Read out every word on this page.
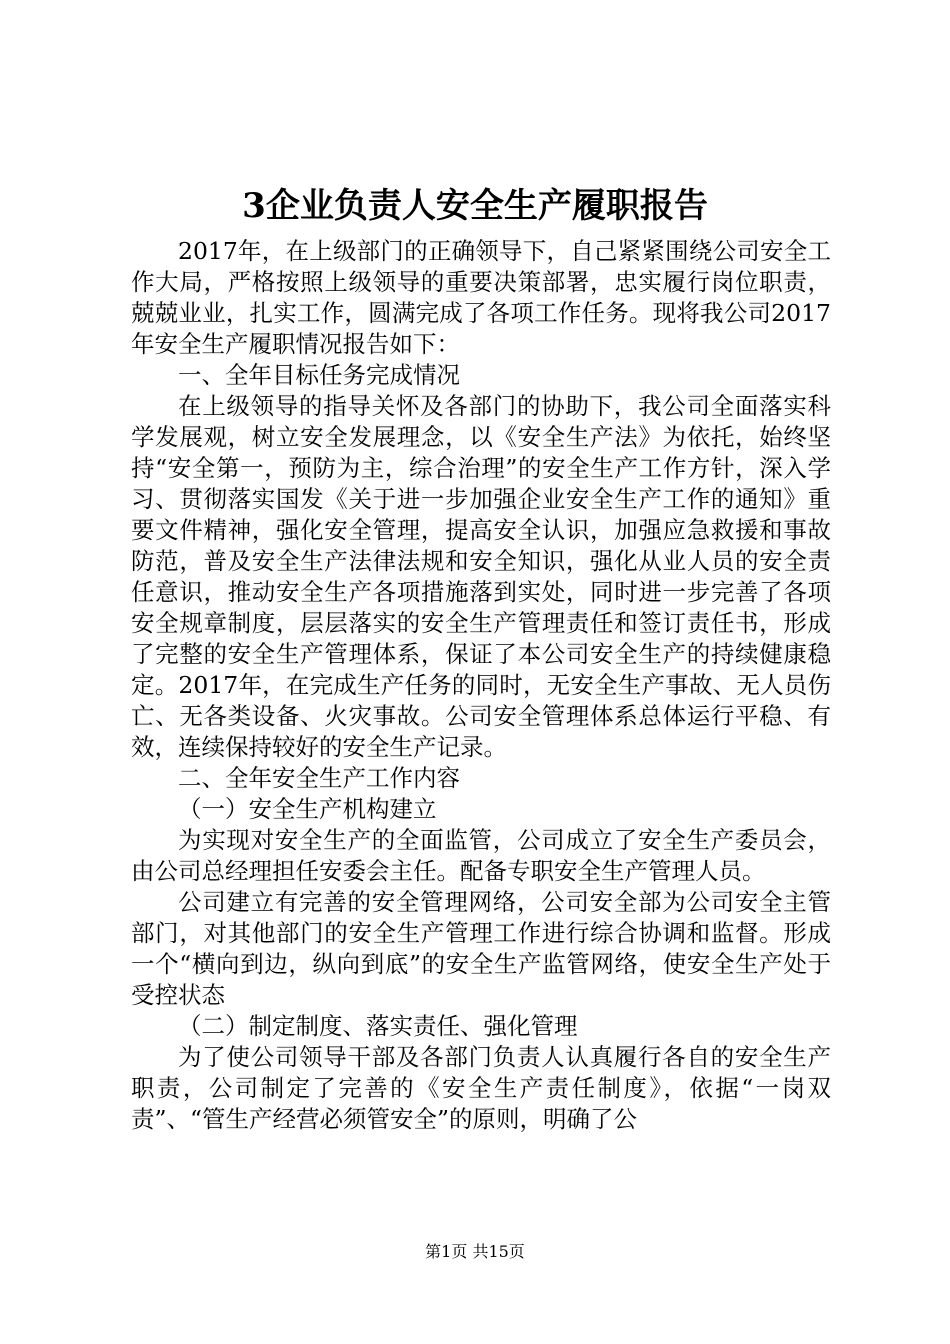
3企业负责人安全生产履职报告

2017年，在上级部门的正确领导下，自己紧紧围绕公司安全工作大局，严格按照上级领导的重要决策部署，忠实履行岗位职责，兢兢业业，扎实工作，圆满完成了各项工作任务。现将我公司2017年安全生产履职情况报告如下：

一、全年目标任务完成情况

在上级领导的指导关怀及各部门的协助下，我公司全面落实科学发展观，树立安全发展理念，以《安全生产法》为依托，始终坚持“安全第一，预防为主，综合治理”的安全生产工作方针，深入学习、贯彻落实国发《关于进一步加强企业安全生产工作的通知》重要文件精神，强化安全管理，提高安全认识，加强应急救援和事故防范，普及安全生产法律法规和安全知识，强化从业人员的安全责任意识，推动安全生产各项措施落到实处，同时进一步完善了各项安全规章制度，层层落实的安全生产管理责任和签订责任书，形成了完整的安全生产管理体系，保证了本公司安全生产的持续健康稳定。2017年，在完成生产任务的同时，无安全生产事故、无人员伤亡、无各类设备、火灾事故。公司安全管理体系总体运行平稳、有效，连续保持较好的安全生产记录。

二、全年安全生产工作内容

（一）安全生产机构建立

为实现对安全生产的全面监管，公司成立了安全生产委员会，由公司总经理担任安委会主任。配备专职安全生产管理人员。

公司建立有完善的安全管理网络，公司安全部为公司安全主管部门，对其他部门的安全生产管理工作进行综合协调和监督。形成一个“横向到边，纵向到底”的安全生产监管网络，使安全生产处于受控状态

（二）制定制度、落实责任、强化管理

为了使公司领导干部及各部门负责人认真履行各自的安全生产职责，公司制定了完善的《安全生产责任制度》，依据“一岗双责”、“管生产经营必须管安全”的原则，明确了公

第1页 共15页
